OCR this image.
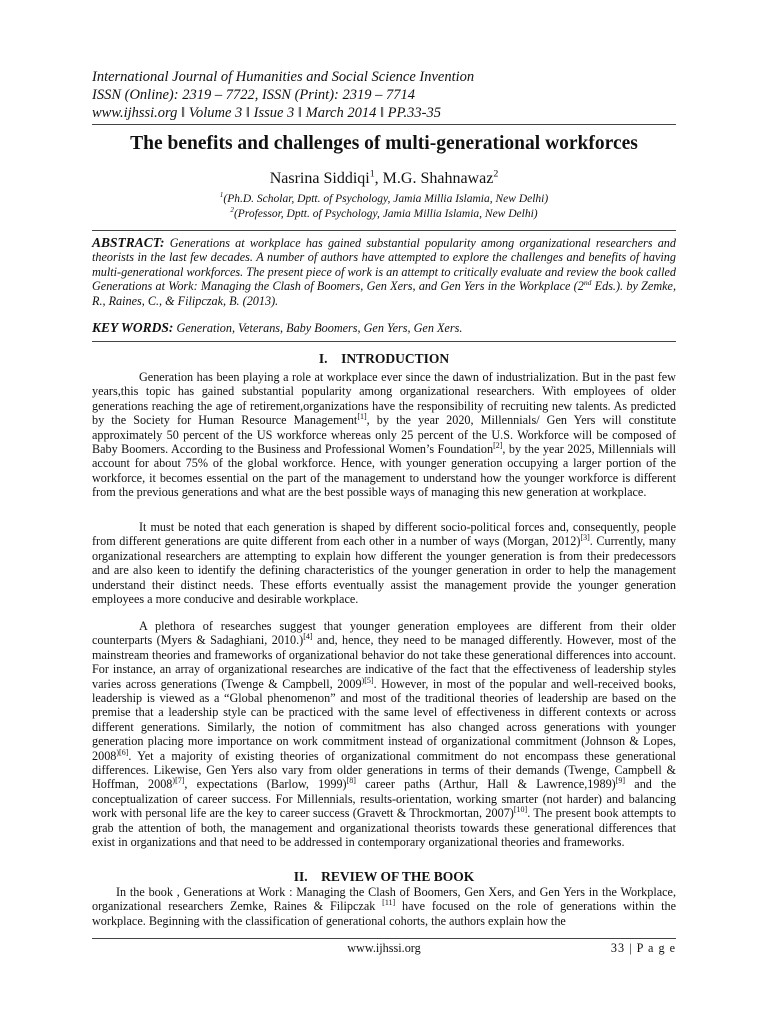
International Journal of Humanities and Social Science Invention
ISSN (Online): 2319 – 7722, ISSN (Print): 2319 – 7714
www.ijhssi.org ǁ Volume 3 ǁ Issue 3 ǁ March 2014 ǁ PP.33-35
The benefits and challenges of multi-generational workforces
Nasrina Siddiqi$^1$, M.G. Shahnawaz$^2$
$^1$(Ph.D. Scholar, Dptt. of Psychology, Jamia Millia Islamia, New Delhi)
$^2$(Professor, Dptt. of Psychology, Jamia Millia Islamia, New Delhi)
ABSTRACT: Generations at workplace has gained substantial popularity among organizational researchers and theorists in the last few decades. A number of authors have attempted to explore the challenges and benefits of having multi-generational workforces. The present piece of work is an attempt to critically evaluate and review the book called Generations at Work: Managing the Clash of Boomers, Gen Xers, and Gen Yers in the Workplace (2nd Eds.). by Zemke, R., Raines, C., & Filipczak, B. (2013).
KEY WORDS: Generation, Veterans, Baby Boomers, Gen Yers, Gen Xers.
I. INTRODUCTION
Generation has been playing a role at workplace ever since the dawn of industrialization. But in the past few years,this topic has gained substantial popularity among organizational researchers. With employees of older generations reaching the age of retirement,organizations have the responsibility of recruiting new talents. As predicted by the Society for Human Resource Management[1], by the year 2020, Millennials/ Gen Yers will constitute approximately 50 percent of the US workforce whereas only 25 percent of the U.S. Workforce will be composed of Baby Boomers. According to the Business and Professional Women’s Foundation[2], by the year 2025, Millennials will account for about 75% of the global workforce. Hence, with younger generation occupying a larger portion of the workforce, it becomes essential on the part of the management to understand how the younger workforce is different from the previous generations and what are the best possible ways of managing this new generation at workplace.
It must be noted that each generation is shaped by different socio-political forces and, consequently, people from different generations are quite different from each other in a number of ways (Morgan, 2012)[3]. Currently, many organizational researchers are attempting to explain how different the younger generation is from their predecessors and are also keen to identify the defining characteristics of the younger generation in order to help the management understand their distinct needs. These efforts eventually assist the management provide the younger generation employees a more conducive and desirable workplace.
A plethora of researches suggest that younger generation employees are different from their older counterparts (Myers & Sadaghiani, 2010.)[4] and, hence, they need to be managed differently. However, most of the mainstream theories and frameworks of organizational behavior do not take these generational differences into account. For instance, an array of organizational researches are indicative of the fact that the effectiveness of leadership styles varies across generations (Twenge & Campbell, 2009$^{)[5]}$. However, in most of the popular and well-received books, leadership is viewed as a “Global phenomenon” and most of the traditional theories of leadership are based on the premise that a leadership style can be practiced with the same level of effectiveness in different contexts or across different generations. Similarly, the notion of commitment has also changed across generations with younger generation placing more importance on work commitment instead of organizational commitment (Johnson & Lopes, 2008$^{)[6]}$. Yet a majority of existing theories of organizational commitment do not encompass these generational differences. Likewise, Gen Yers also vary from older generations in terms of their demands (Twenge, Campbell & Hoffman, 2008$^{)[7]}$, expectations (Barlow, 1999)[8] career paths (Arthur, Hall & Lawrence,1989)[9] and the conceptualization of career success. For Millennials, results-orientation, working smarter (not harder) and balancing work with personal life are the key to career success (Gravett & Throckmortan, 2007)[10]. The present book attempts to grab the attention of both, the management and organizational theorists towards these generational differences that exist in organizations and that need to be addressed in contemporary organizational theories and frameworks.
II. REVIEW OF THE BOOK
In the book , Generations at Work : Managing the Clash of Boomers, Gen Xers, and Gen Yers in the Workplace, organizational researchers Zemke, Raines & Filipczak [11] have focused on the role of generations within the workplace. Beginning with the classification of generational cohorts, the authors explain how the
www.ijhssi.org	33 | P a g e
